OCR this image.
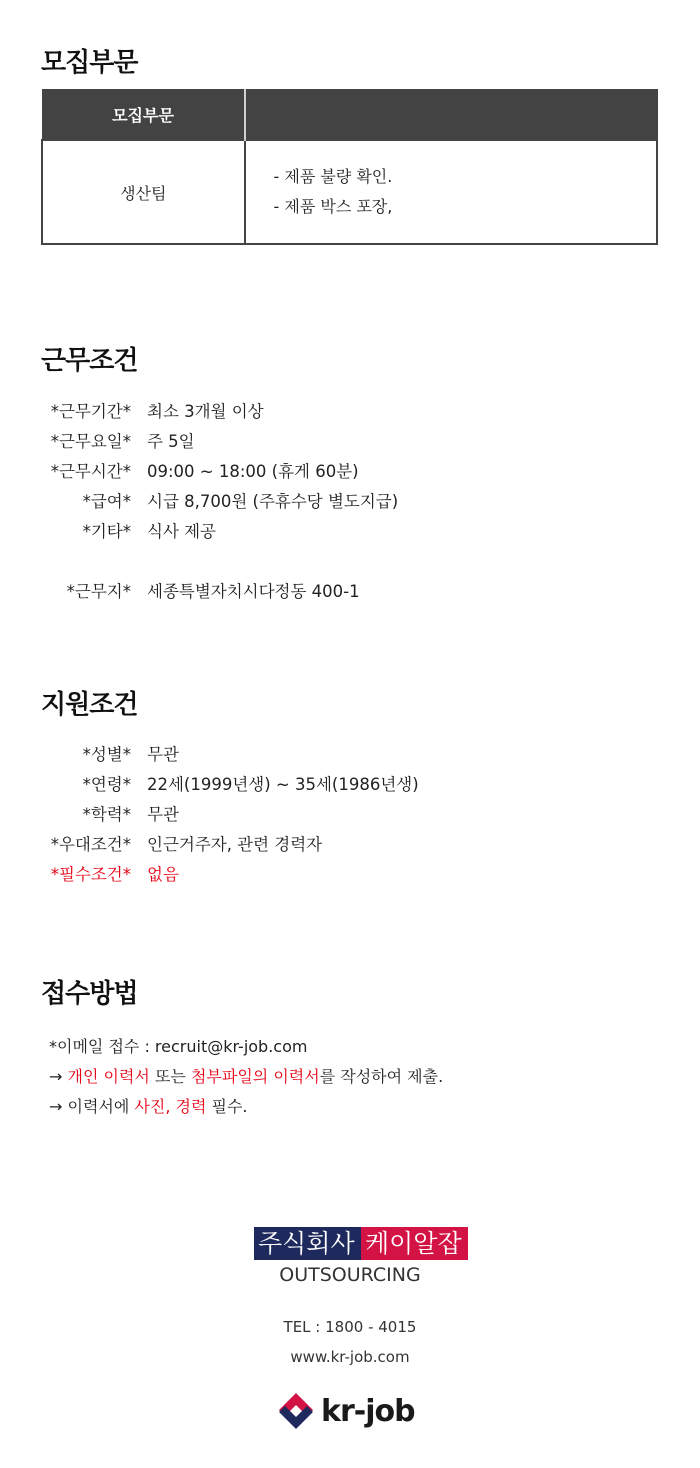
모집부문
모집부문	
생산팀	- 제품 불량 확인.
- 제품 박스 포장,
근무조건
*근무기간* 최소 3개월 이상
*근무요일* 주 5일
*근무시간* 09:00 ~ 18:00 (휴게 60분)
*급여* 시급 8,700원 (주휴수당 별도지급)
*기타* 식사 제공
*근무지* 세종특별자치시다정동 400-1
지원조건
*성별* 무관
*연령* 22세(1999년생) ~ 35세(1986년생)
*학력* 무관
*우대조건* 인근거주자, 관련 경력자
*필수조건* 없음
접수방법
*이메일 접수 : recruit@kr-job.com
→ 개인 이력서 또는 첨부파일의 이력서를 작성하여 제출.
→ 이력서에 사진, 경력 필수.
주식회사 케이알잡
OUTSOURCING
TEL : 1800 - 4015
www.kr-job.com
kr-job
